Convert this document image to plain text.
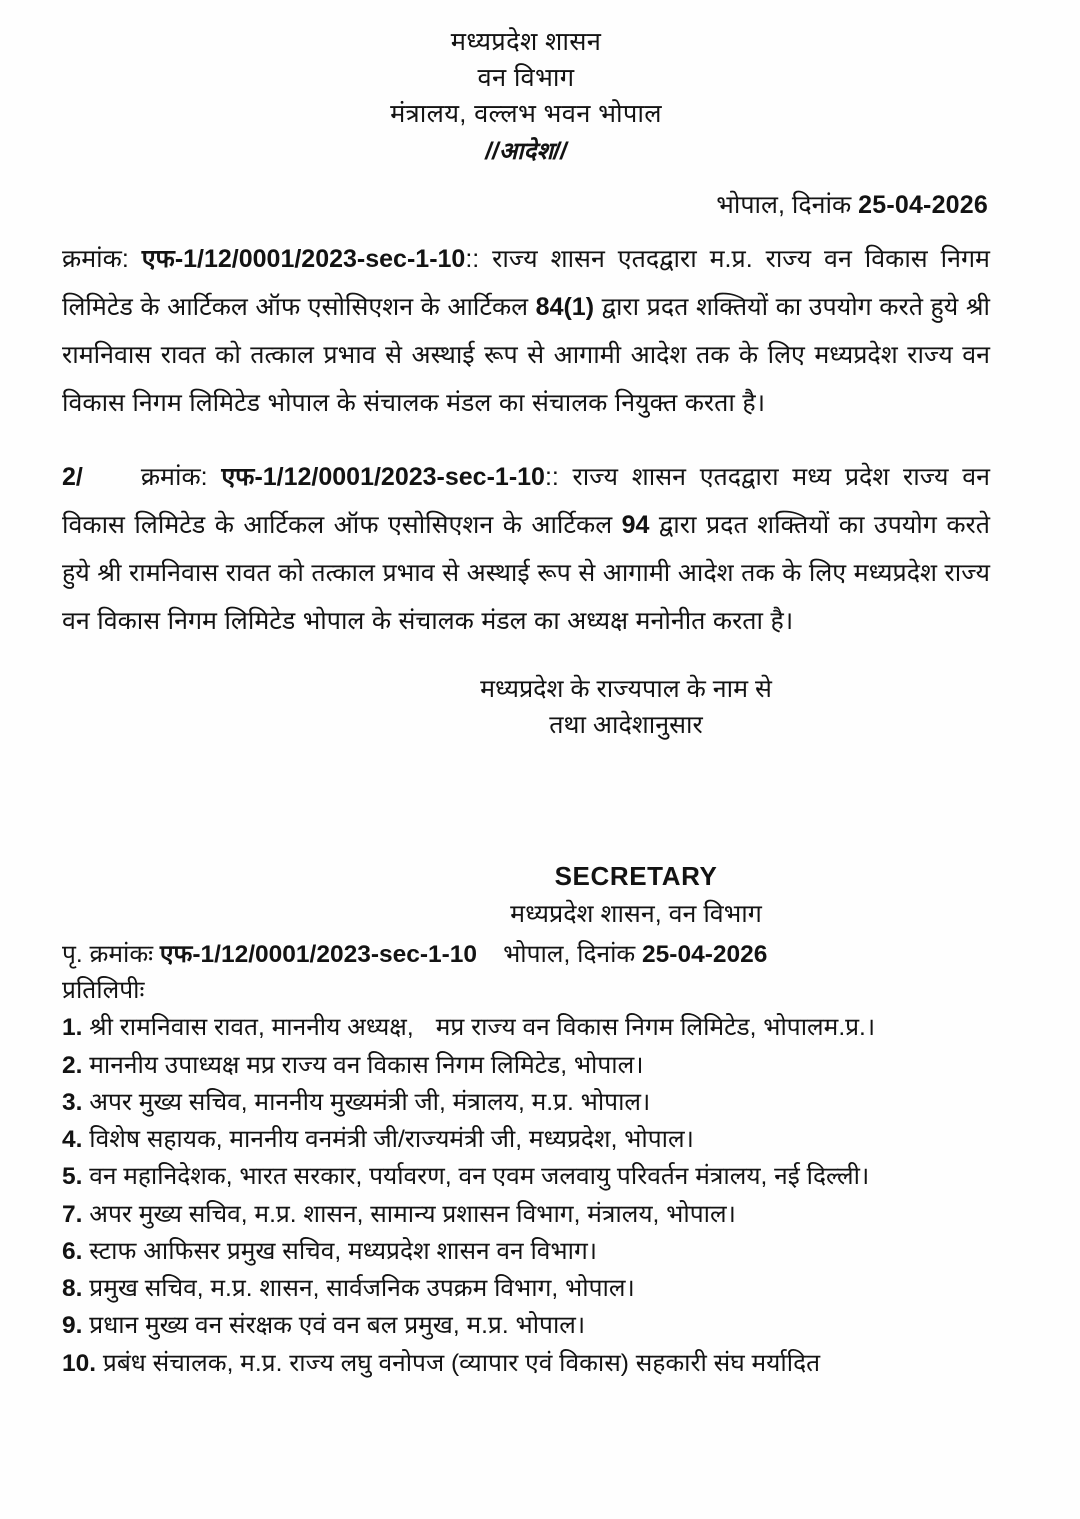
मध्यप्रदेश शासन
वन विभाग
मंत्रालय, वल्लभ भवन भोपाल
//आदेश//
भोपाल, दिनांक 25-04-2026

क्रमांक: एफ-1/12/0001/2023-sec-1-10:: राज्य शासन एतदद्वारा म.प्र. राज्य वन विकास निगम लिमिटेड के आर्टिकल ऑफ एसोसिएशन के आर्टिकल 84(1) द्वारा प्रदत शक्तियों का उपयोग करते हुये श्री रामनिवास रावत को तत्काल प्रभाव से अस्थाई रूप से आगामी आदेश तक के लिए मध्यप्रदेश राज्य वन विकास निगम लिमिटेड भोपाल के संचालक मंडल का संचालक नियुक्त करता है।

2/ क्रमांक: एफ-1/12/0001/2023-sec-1-10:: राज्य शासन एतदद्वारा मध्य प्रदेश राज्य वन विकास लिमिटेड के आर्टिकल ऑफ एसोसिएशन के आर्टिकल 94 द्वारा प्रदत शक्तियों का उपयोग करते हुये श्री रामनिवास रावत को तत्काल प्रभाव से अस्थाई रूप से आगामी आदेश तक के लिए मध्यप्रदेश राज्य वन विकास निगम लिमिटेड भोपाल के संचालक मंडल का अध्यक्ष मनोनीत करता है।

मध्यप्रदेश के राज्यपाल के नाम से
तथा आदेशानुसार
SECRETARY
मध्यप्रदेश शासन, वन विभाग
पृ. क्रमांकः एफ-1/12/0001/2023-sec-1-10 भोपाल, दिनांक 25-04-2026
प्रतिलिपीः
1. श्री रामनिवास रावत, माननीय अध्यक्ष, मप्र राज्य वन विकास निगम लिमिटेड, भोपालम.प्र.।
2. माननीय उपाध्यक्ष मप्र राज्य वन विकास निगम लिमिटेड, भोपाल।
3. अपर मुख्य सचिव, माननीय मुख्यमंत्री जी, मंत्रालय, म.प्र. भोपाल।
4. विशेष सहायक, माननीय वनमंत्री जी/राज्यमंत्री जी, मध्यप्रदेश, भोपाल।
5. वन महानिदेशक, भारत सरकार, पर्यावरण, वन एवम जलवायु परिवर्तन मंत्रालय, नई दिल्ली।
7. अपर मुख्य सचिव, म.प्र. शासन, सामान्य प्रशासन विभाग, मंत्रालय, भोपाल।
6. स्टाफ आफिसर प्रमुख सचिव, मध्यप्रदेश शासन वन विभाग।
8. प्रमुख सचिव, म.प्र. शासन, सार्वजनिक उपक्रम विभाग, भोपाल।
9. प्रधान मुख्य वन संरक्षक एवं वन बल प्रमुख, म.प्र. भोपाल।
10. प्रबंध संचालक, म.प्र. राज्य लघु वनोपज (व्यापार एवं विकास) सहकारी संघ मर्यादित
